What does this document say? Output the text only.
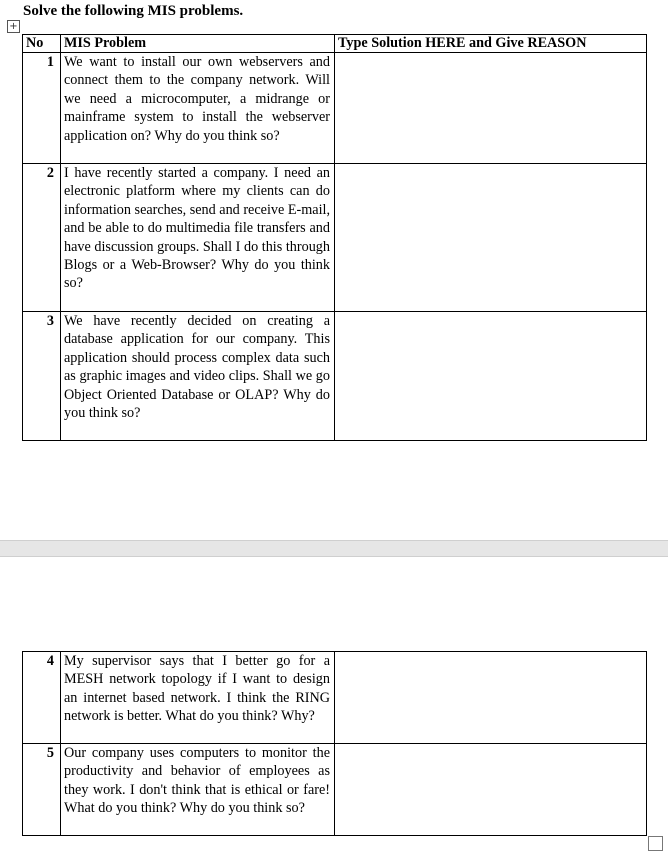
Solve the following MIS problems.
+
No	MIS Problem	Type Solution HERE and Give REASON
1	We want to install our own webservers and connect them to the company network. Will we need a microcomputer, a midrange or mainframe system to install the webserver application on? Why do you think so?	
2	I have recently started a company. I need an electronic platform where my clients can do information searches, send and receive E-mail, and be able to do multimedia file transfers and have discussion groups. Shall I do this through Blogs or a Web-Browser? Why do you think so?	
3	We have recently decided on creating a database application for our company. This application should process complex data such as graphic images and video clips. Shall we go Object Oriented Database or OLAP? Why do you think so?	
4	My supervisor says that I better go for a MESH network topology if I want to design an internet based network. I think the RING network is better. What do you think? Why?	
5	Our company uses computers to monitor the productivity and behavior of employees as they work. I don't think that is ethical or fare! What do you think? Why do you think so?	
